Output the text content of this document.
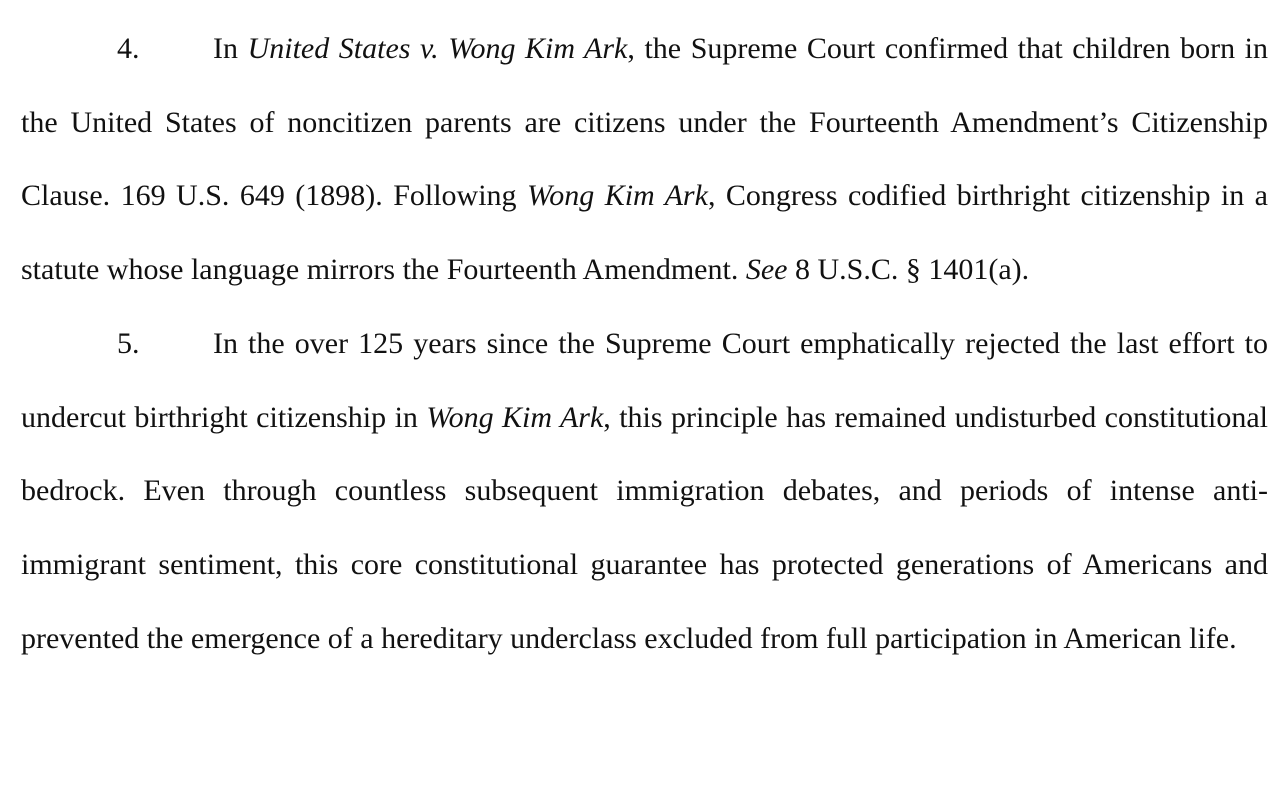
4. In United States v. Wong Kim Ark, the Supreme Court confirmed that children born in the United States of noncitizen parents are citizens under the Fourteenth Amendment’s Citizenship Clause. 169 U.S. 649 (1898). Following Wong Kim Ark, Congress codified birthright citizenship in a statute whose language mirrors the Fourteenth Amendment. See 8 U.S.C. § 1401(a).

5. In the over 125 years since the Supreme Court emphatically rejected the last effort to undercut birthright citizenship in Wong Kim Ark, this principle has remained undisturbed constitutional bedrock. Even through countless subsequent immigration debates, and periods of intense anti-immigrant sentiment, this core constitutional guarantee has protected generations of Americans and prevented the emergence of a hereditary underclass excluded from full participation in American life.
